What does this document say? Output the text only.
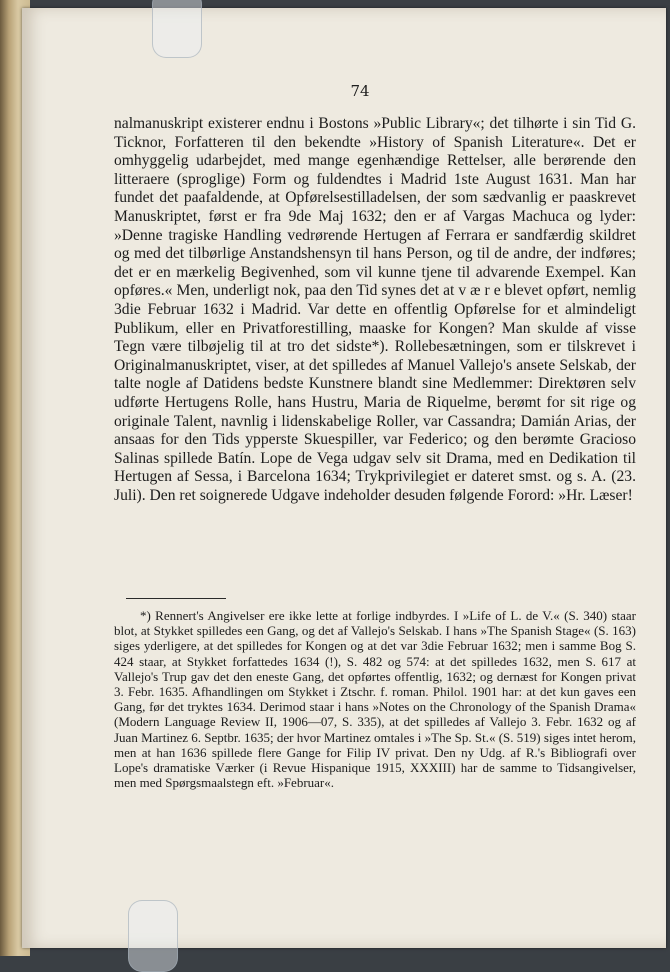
74

nalmanuskript existerer endnu i Bostons »Public Library«; det tilhørte i sin Tid G. Ticknor, Forfatteren til den bekendte »History of Spanish Literature«. Det er omhyggelig udarbejdet, med mange egenhændige Rettelser, alle berørende den litteraere (sproglige) Form og fuldendtes i Madrid 1ste August 1631. Man har fundet det paafaldende, at Opførelsestilladelsen, der som sædvanlig er paaskrevet Manuskriptet, først er fra 9de Maj 1632; den er af Vargas Machuca og lyder: »Denne tragiske Handling vedrørende Hertugen af Ferrara er sandfærdig skildret og med det tilbørlige Anstandshensyn til hans Person, og til de andre, der indføres; det er en mærkelig Begivenhed, som vil kunne tjene til advarende Exempel. Kan opføres.« Men, underligt nok, paa den Tid synes det at v æ r e blevet opført, nemlig 3die Februar 1632 i Madrid. Var dette en offentlig Opførelse for et almindeligt Publikum, eller en Privatforestilling, maaske for Kongen? Man skulde af visse Tegn være tilbøjelig til at tro det sidste*). Rollebesætningen, som er tilskrevet i Originalmanuskriptet, viser, at det spilledes af Manuel Vallejo's ansete Selskab, der talte nogle af Datidens bedste Kunstnere blandt sine Medlemmer: Direktøren selv udførte Hertugens Rolle, hans Hustru, Maria de Riquelme, berømt for sit rige og originale Talent, navnlig i lidenskabelige Roller, var Cassandra; Damián Arias, der ansaas for den Tids ypperste Skuespiller, var Federico; og den berømte Gracioso Salinas spillede Batín. Lope de Vega udgav selv sit Drama, med en Dedikation til Hertugen af Sessa, i Barcelona 1634; Trykprivilegiet er dateret smst. og s. A. (23. Juli). Den ret soignerede Udgave indeholder desuden følgende Forord: »Hr. Læser!

*) Rennert's Angivelser ere ikke lette at forlige indbyrdes. I »Life of L. de V.« (S. 340) staar blot, at Stykket spilledes een Gang, og det af Vallejo's Selskab. I hans »The Spanish Stage« (S. 163) siges yderligere, at det spilledes for Kongen og at det var 3die Februar 1632; men i samme Bog S. 424 staar, at Stykket forfattedes 1634 (!), S. 482 og 574: at det spilledes 1632, men S. 617 at Vallejo's Trup gav det den eneste Gang, det opførtes offentlig, 1632; og dernæst for Kongen privat 3. Febr. 1635. Afhandlingen om Stykket i Ztschr. f. roman. Philol. 1901 har: at det kun gaves een Gang, før det tryktes 1634. Derimod staar i hans »Notes on the Chronology of the Spanish Drama« (Modern Language Review II, 1906—07, S. 335), at det spilledes af Vallejo 3. Febr. 1632 og af Juan Martinez 6. Septbr. 1635; der hvor Martinez omtales i »The Sp. St.« (S. 519) siges intet herom, men at han 1636 spillede flere Gange for Filip IV privat. Den ny Udg. af R.'s Bibliografi over Lope's dramatiske Værker (i Revue Hispanique 1915, XXXIII) har de samme to Tidsangivelser, men med Spørgsmaalstegn eft. »Februar«.
